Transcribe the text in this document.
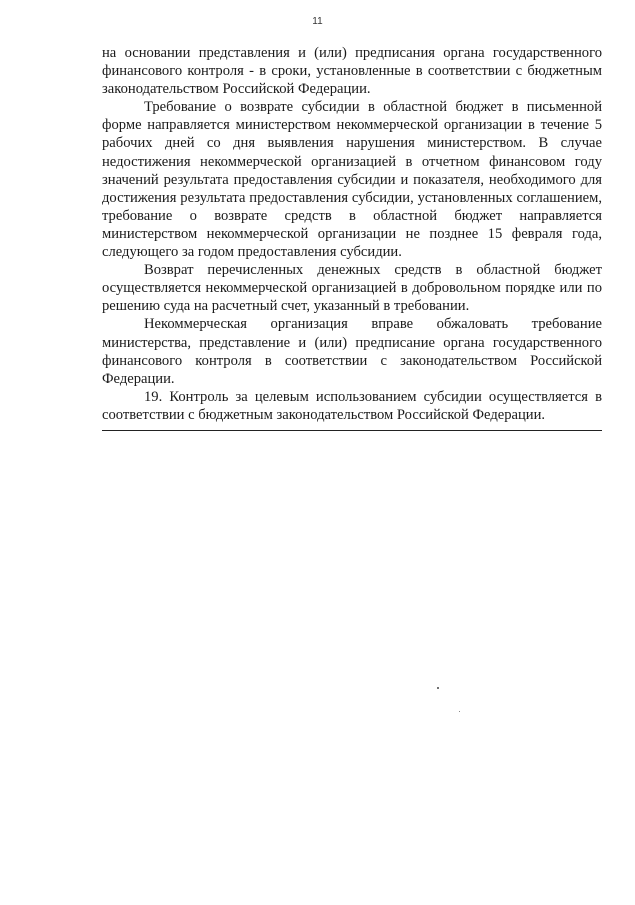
11

на основании представления и (или) предписания органа государственного финансового контроля - в сроки, установленные в соответствии с бюджетным законодательством Российской Федерации.

Требование о возврате субсидии в областной бюджет в письменной форме направляется министерством некоммерческой организации в течение 5 рабочих дней со дня выявления нарушения министерством. В случае недостижения некоммерческой организацией в отчетном финансовом году значений результата предоставления субсидии и показателя, необходимого для достижения результата предоставления субсидии, установленных соглашением, требование о возврате средств в областной бюджет направляется министерством некоммерческой организации не позднее 15 февраля года, следующего за годом предоставления субсидии.

Возврат перечисленных денежных средств в областной бюджет осуществляется некоммерческой организацией в добровольном порядке или по решению суда на расчетный счет, указанный в требовании.

Некоммерческая организация вправе обжаловать требование министерства, представление и (или) предписание органа государственного финансового контроля в соответствии с законодательством Российской Федерации.

19. Контроль за целевым использованием субсидии осуществляется в соответствии с бюджетным законодательством Российской Федерации.
